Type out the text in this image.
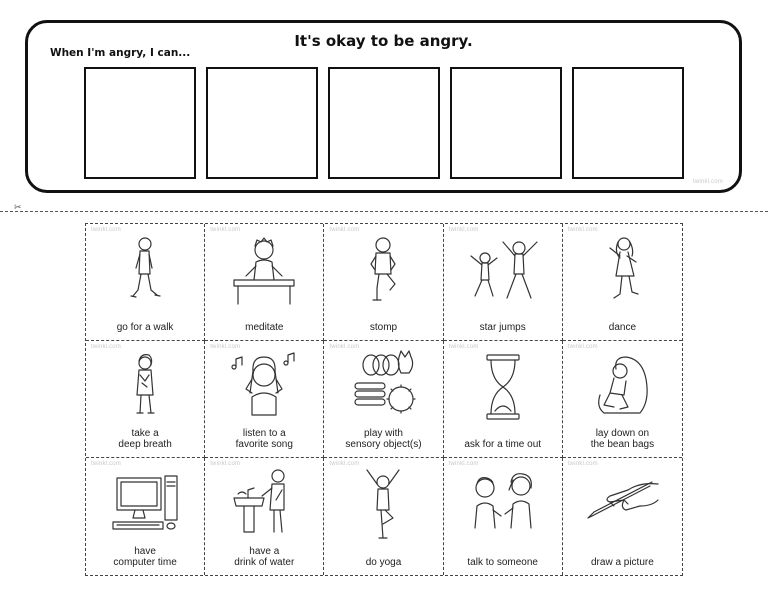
It's okay to be angry.
When I'm angry, I can...
twinkl.com
✂
twinkl.com
go for a walk
twinkl.com
meditate
twinkl.com
stomp
twinkl.com
star jumps
twinkl.com
dance
twinkl.com
take a
deep breath
twinkl.com
listen to a
favorite song
twinkl.com
play with
sensory object(s)
twinkl.com
ask for a time out
twinkl.com
lay down on
the bean bags
twinkl.com
have
computer time
twinkl.com
have a
drink of water
twinkl.com
do yoga
twinkl.com
talk to someone
twinkl.com
draw a picture
